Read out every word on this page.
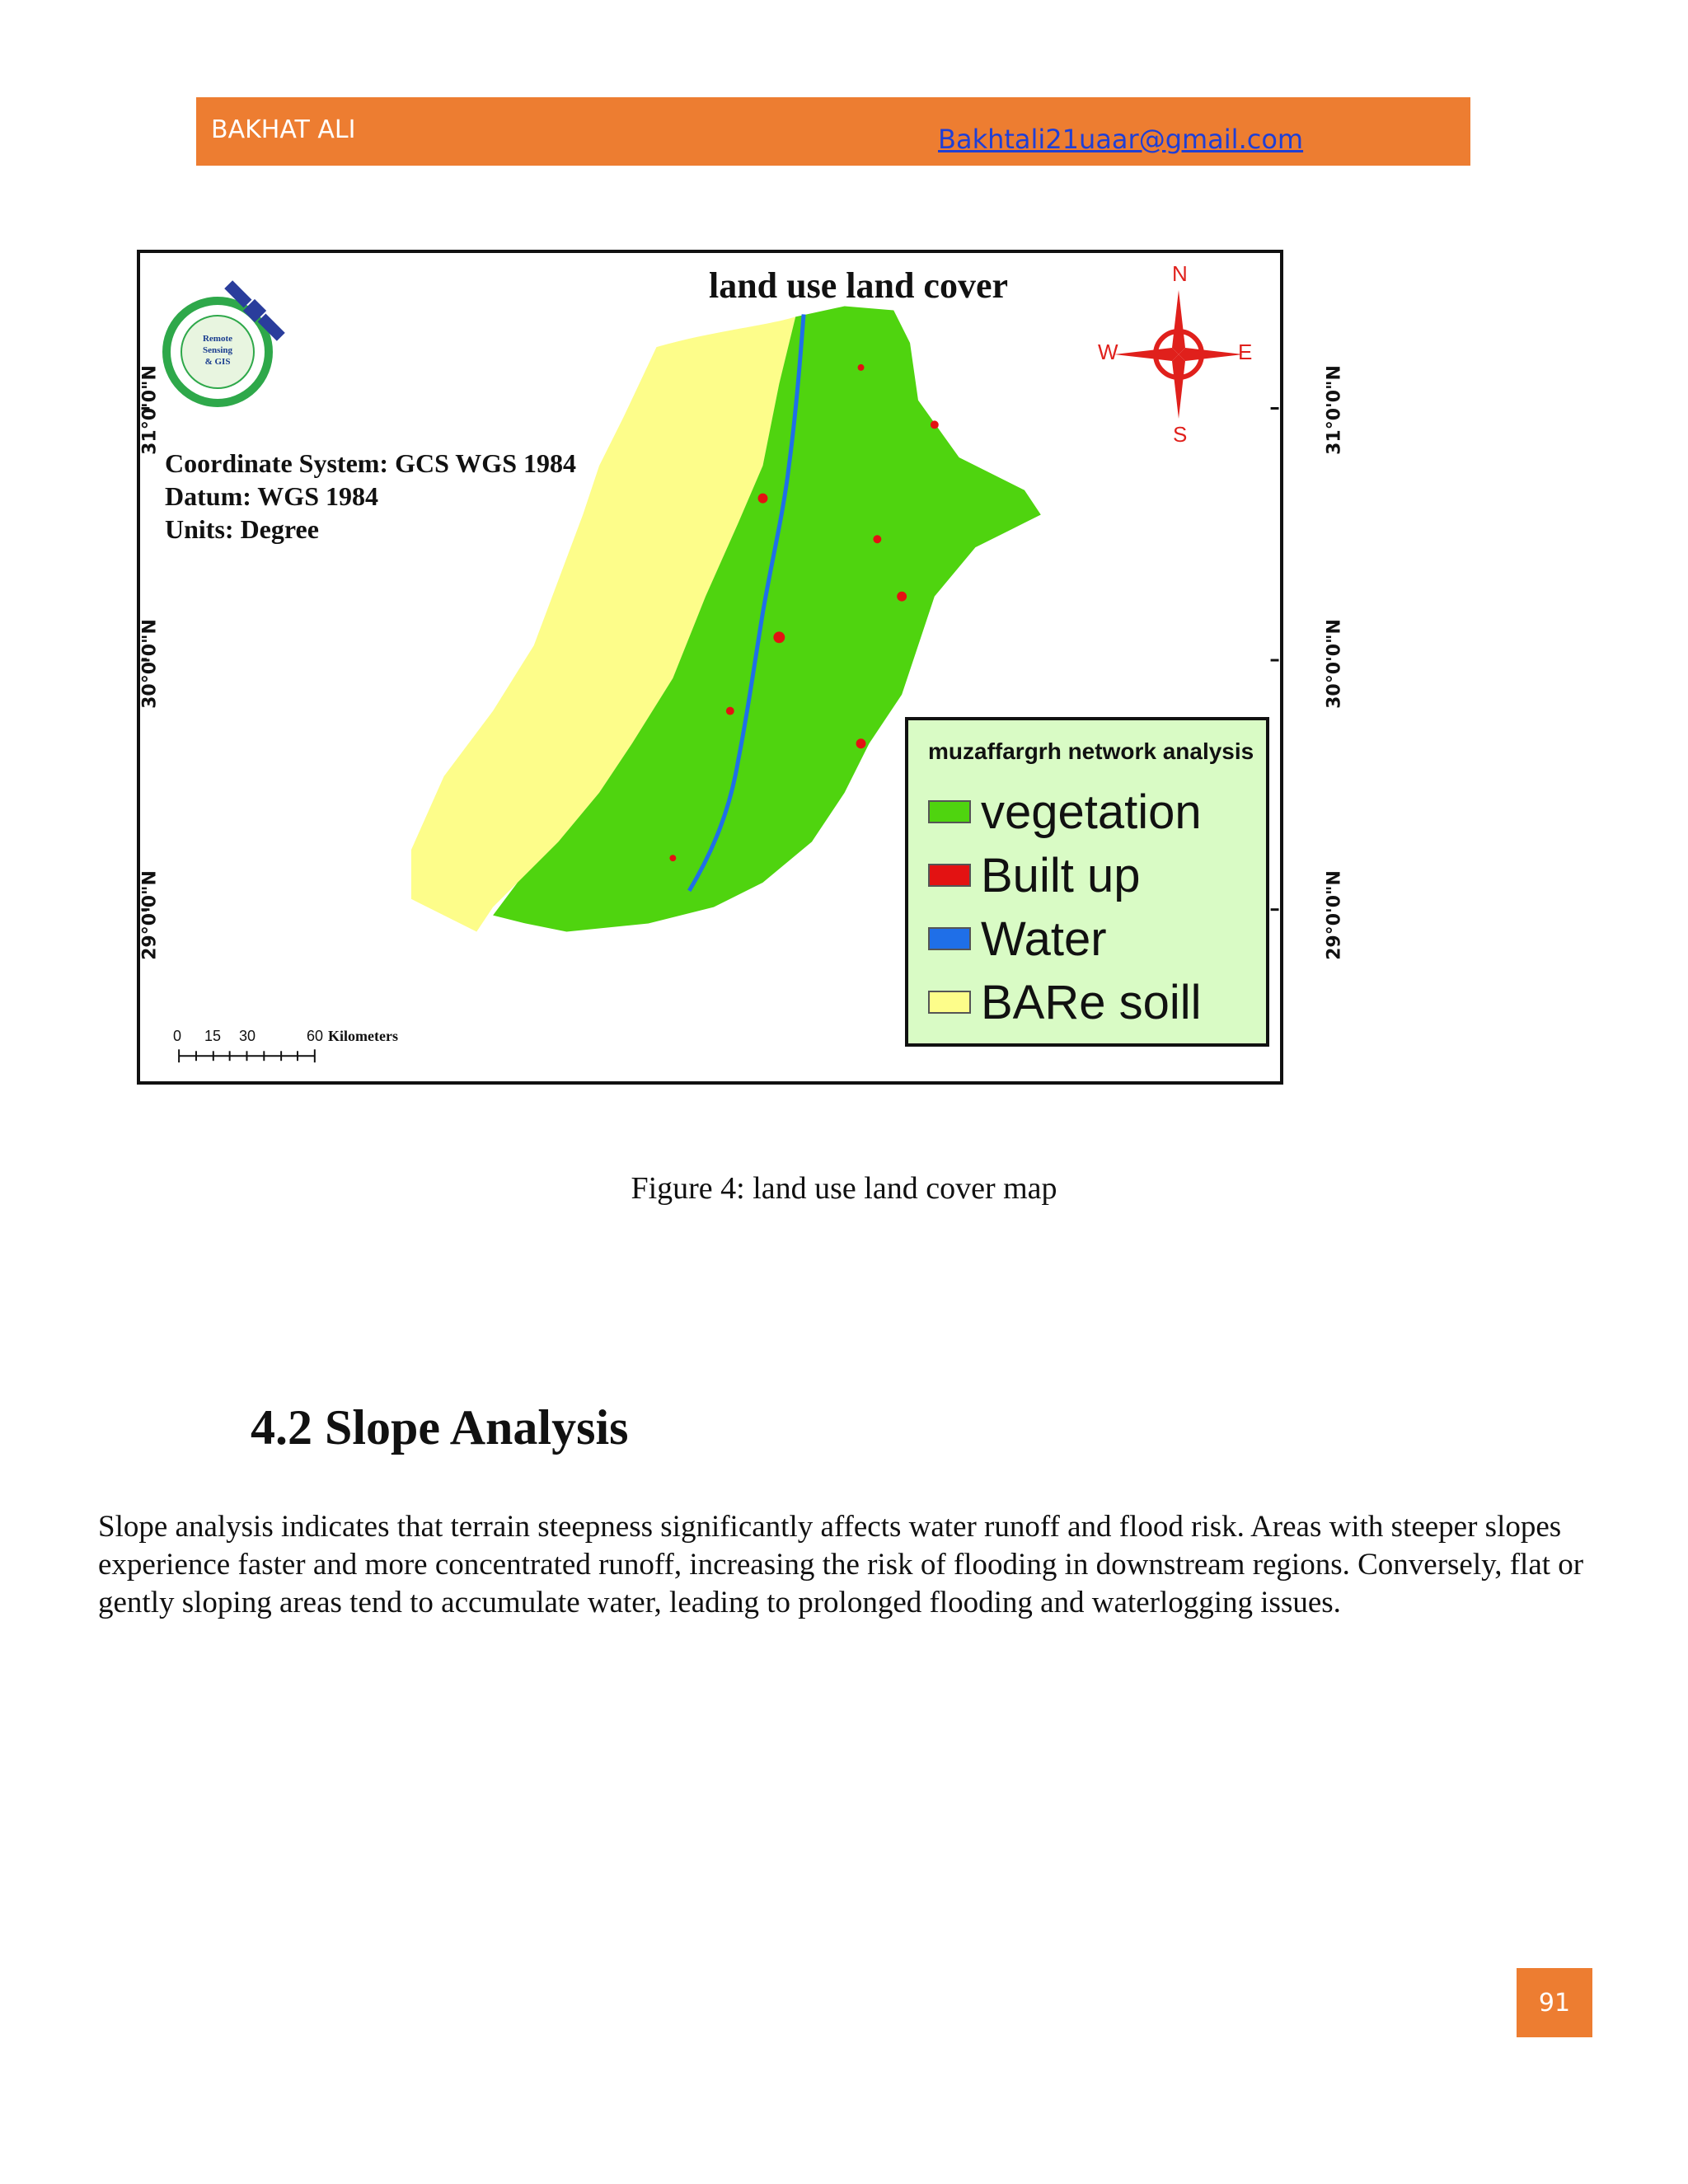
BAKHAT ALI	Bakhtali21uaar@gmail.com
land use land cover
Remote
Sensing
& GIS
N
S
E
W
Coordinate System: GCS WGS 1984
Datum: WGS 1984
Units: Degree
31°0'0"N
30°0'0"N
29°0'0"N
31°0'0"N
30°0'0"N
29°0'0"N
muzaffargrh network analysis
vegetation
Built up
Water
BARe soill
0 15 30	60 Kilometers
Figure 4: land use land cover map
4.2 Slope Analysis
Slope analysis indicates that terrain steepness significantly affects water runoff and flood risk. Areas with steeper slopes experience faster and more concentrated runoff, increasing the risk of flooding in downstream regions. Conversely, flat or gently sloping areas tend to accumulate water, leading to prolonged flooding and waterlogging issues.
91
